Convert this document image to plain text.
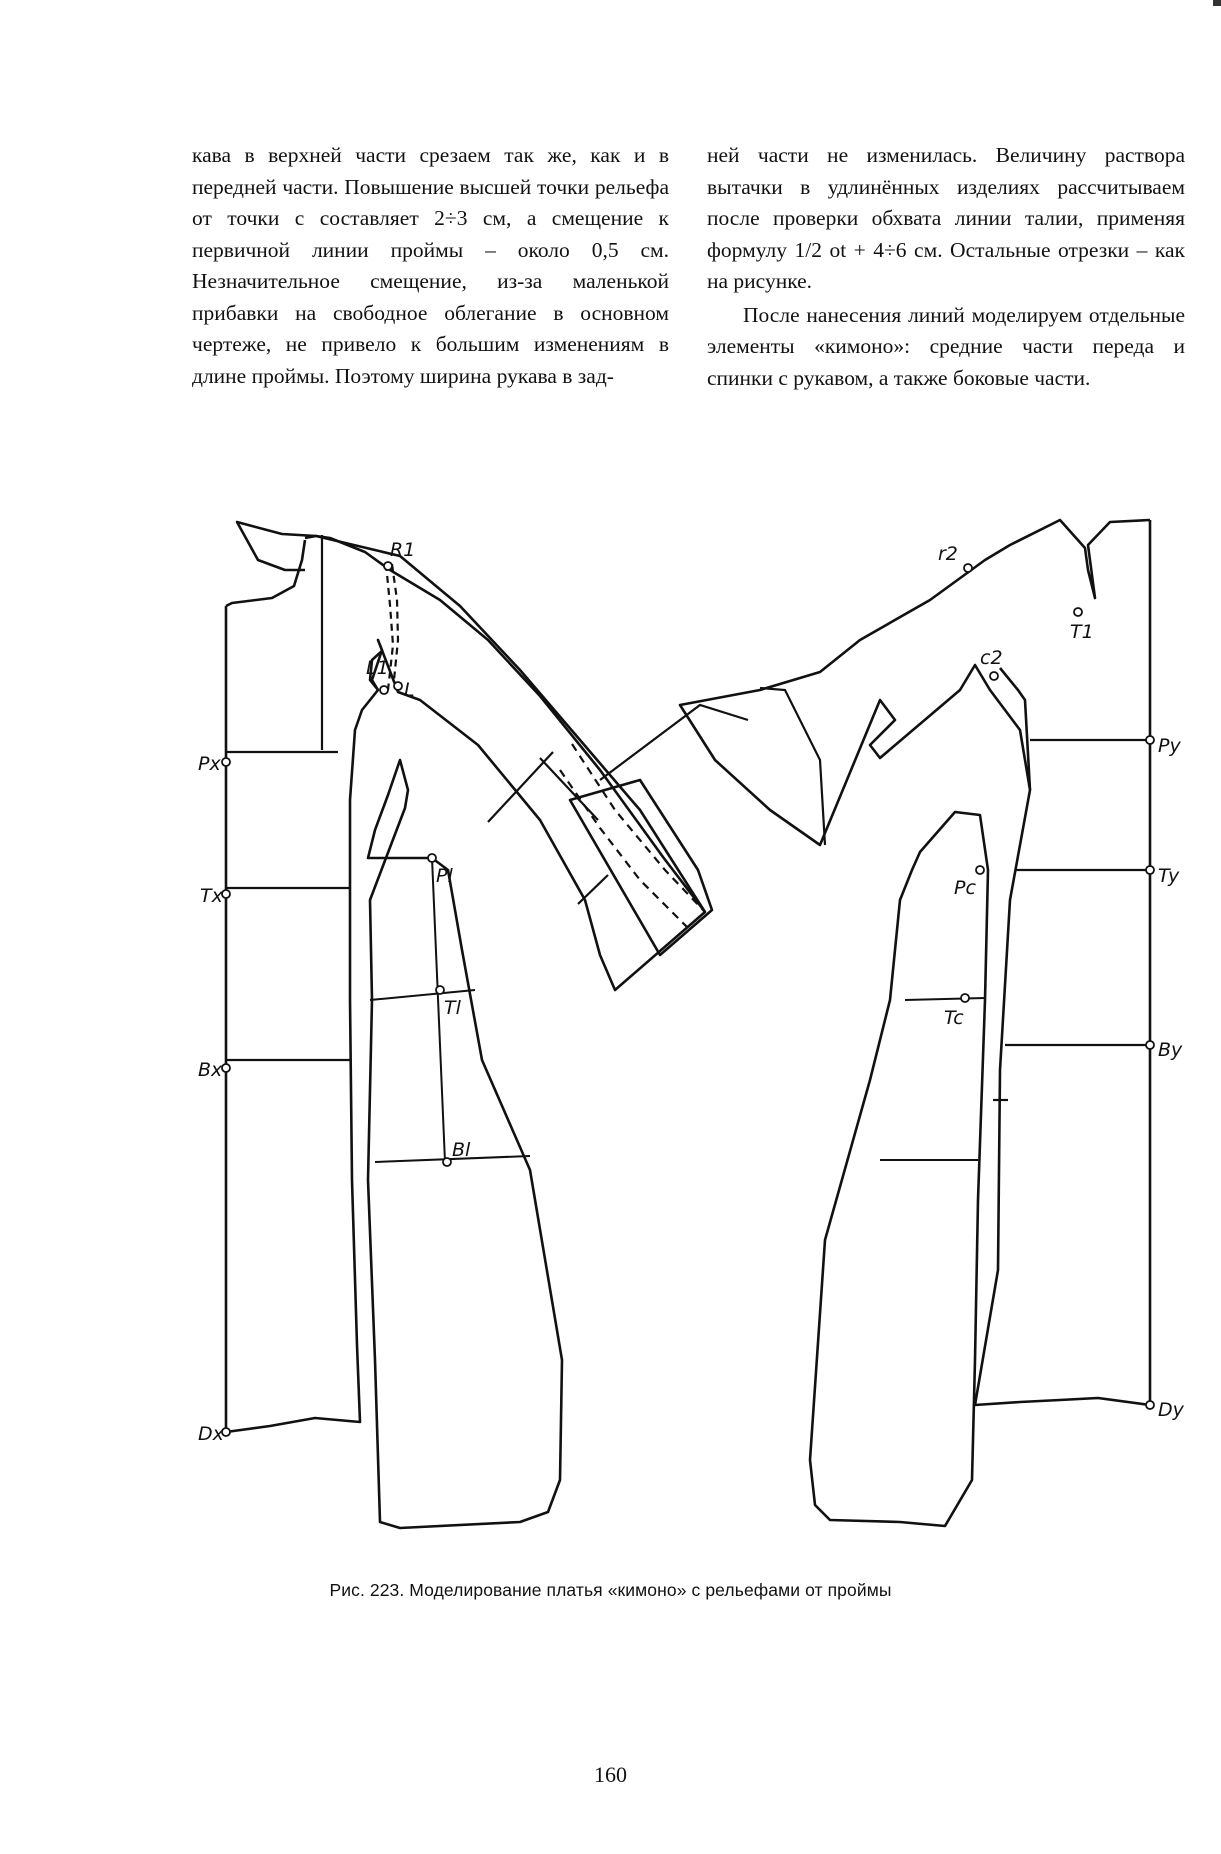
кава в верхней части срезаем так же, как и в передней части. Повышение высшей точки рельефа от точки с составляет 2÷3 см, а смещение к первичной линии проймы – около 0,5 см. Незначительное смещение, из-за маленькой прибавки на свободное облегание в основном чертеже, не привело к большим изменениям в длине проймы. Поэтому ширина рукава в зад-

ней части не изменилась. Величину раствора вытачки в удлинённых изделиях рассчитываем после проверки обхвата линии талии, применяя формулу 1/2 ot + 4÷6 см. Остальные отрезки – как на рисунке.

После нанесения линий моделируем отдельные элементы «кимоно»: средние части переда и спинки с рукавом, а также боковые части.

R1
L1
L
Px
Tx
Bx
Dx
Pl
Tl
Bl
r2
T1
c2
Py
Ty
By
Dy
Pc
Tc
Рис. 223. Моделирование платья «кимоно» с рельефами от проймы
160
